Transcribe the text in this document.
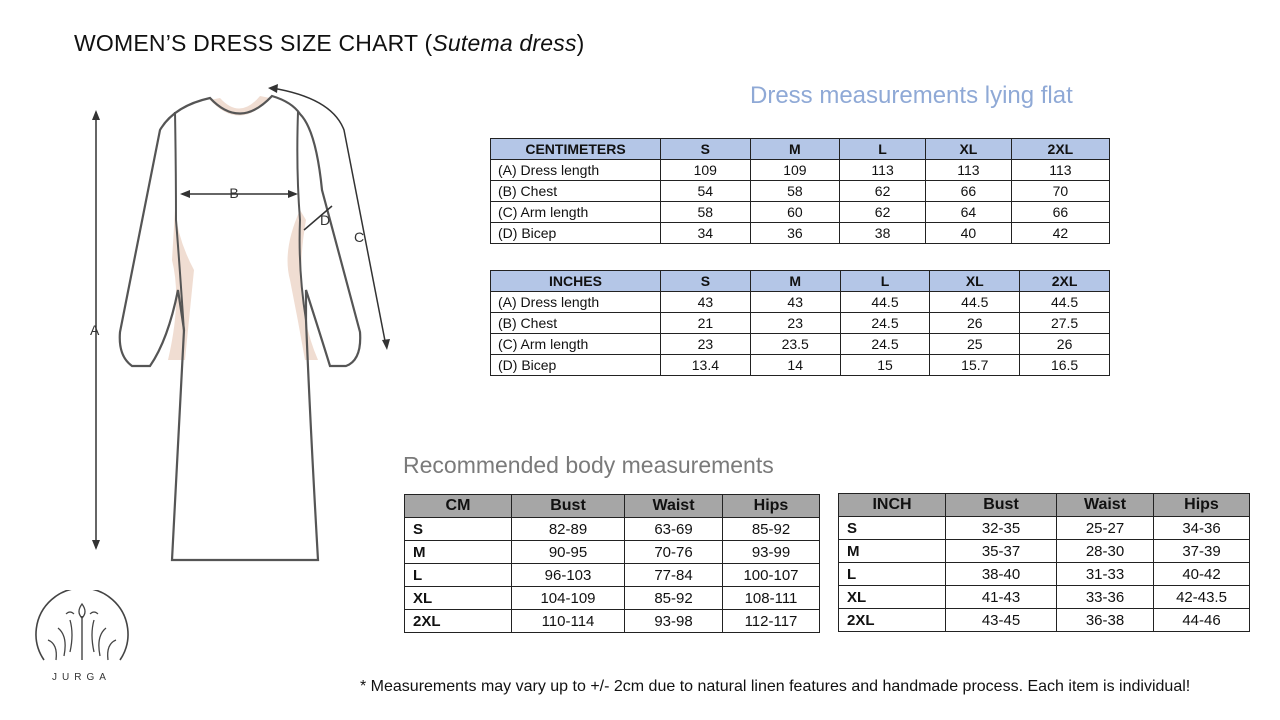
WOMEN’S DRESS SIZE CHART (Sutema dress)
A
B
D
C
Dress measurements lying flat
CENTIMETERS	S	M	L	XL	2XL
(A) Dress length	109	109	113	113	113
(B) Chest	54	58	62	66	70
(C) Arm length	58	60	62	64	66
(D) Bicep	34	36	38	40	42
INCHES	S	M	L	XL	2XL
(A) Dress length	43	43	44.5	44.5	44.5
(B) Chest	21	23	24.5	26	27.5
(C) Arm length	23	23.5	24.5	25	26
(D) Bicep	13.4	14	15	15.7	16.5
Recommended body measurements
CM	Bust	Waist	Hips
S	82-89	63-69	85-92
M	90-95	70-76	93-99
L	96-103	77-84	100-107
XL	104-109	85-92	108-111
2XL	110-114	93-98	112-117
INCH	Bust	Waist	Hips
S	32-35	25-27	34-36
M	35-37	28-30	37-39
L	38-40	31-33	40-42
XL	41-43	33-36	42-43.5
2XL	43-45	36-38	44-46
JURGA
* Measurements may vary up to +/- 2cm due to natural linen features and handmade process. Each item is individual!
